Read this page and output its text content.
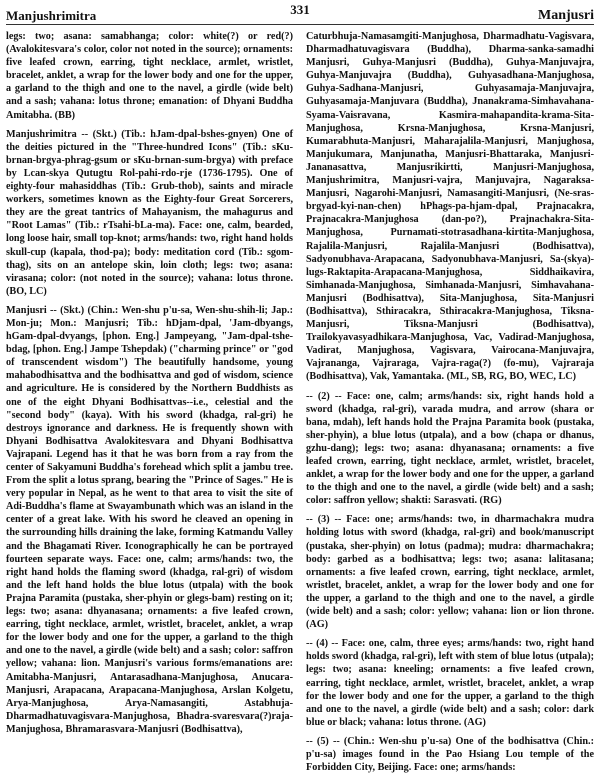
Manjushrimitra	331	Manjusri

legs: two; asana: samabhanga; color: white(?) or red(?) (Avalokitesvara's color, color not noted in the source); ornaments: five leafed crown, earring, tight necklace, armlet, wristlet, bracelet, anklet, a wrap for the lower body and one for the upper, a garland to the thigh and one to the navel, a girdle (wide belt) and a sash; vahana: lotus throne; emanation: of Dhyani Buddha Amitabha. (BB)

Manjushrimitra -- (Skt.) (Tib.: hJam-dpal-bshes-gnyen) One of the deities pictured in the "Three-hundred Icons" (Tib.: sKu-brnan-brgya-phrag-gsum or sKu-brnan-sum-brgya) with preface by Lcan-skya Qutugtu Rol-pahi-rdo-rje (1736-1795). One of eighty-four mahasiddhas (Tib.: Grub-thob), saints and miracle workers, sometimes known as the Eighty-four Great Sorcerers, they are the great tantrics of Mahayanism, the mahagurus and "Root Lamas" (Tib.: rTsahi-bLa-ma). Face: one, calm, bearded, long loose hair, small top-knot; arms/hands: two, right hand holds skull-cup (kapala, thod-pa); body: meditation cord (Tib.: sgom-thag), sits on an antelope skin, loin cloth; legs: two; asana: virasana; color: (not noted in the source); vahana: lotus throne. (BO, LC)

Manjusri -- (Skt.) (Chin.: Wen-shu p'u-sa, Wen-shu-shih-li; Jap.: Mon-ju; Mon.: Manjusri; Tib.: hDjam-dpal, 'Jam-dbyangs, hGam-dpal-dvyangs, [phon. Eng.] Jampeyang, "Jam-dpal-tshe-bdag, [phon. Eng.] Jampe Tshepdak) ("charming prince" or "god of transcendent wisdom") The beautifully handsome, young mahabodhisattva and the bodhisattva and god of wisdom, science and agriculture. He is considered by the Northern Buddhists as one of the eight Dhyani Bodhisattvas--i.e., celestial and the "second body" (kaya). With his sword (khadga, ral-gri) he destroys ignorance and darkness. He is frequently shown with Dhyani Bodhisattva Avalokitesvara and Dhyani Bodhisattva Vajrapani. Legend has it that he was born from a ray from the center of Sakyamuni Buddha's forehead which split a jambu tree. From the split a lotus sprang, bearing the "Prince of Sages." He is very popular in Nepal, as he went to that area to visit the site of Adi-Buddha's flame at Swayambunath which was an island in the center of a great lake. With his sword he cleaved an opening in the surrounding hills draining the lake, forming Katmandu Valley and the Bhagamati River. Iconographically he can be portrayed fourteen separate ways. Face: one, calm; arms/hands: two, the right hand holds the flaming sword (khadga, ral-gri) of wisdom and the left hand holds the blue lotus (utpala) with the book Prajna Paramita (pustaka, sher-phyin or glegs-bam) resting on it; legs: two; asana: dhyanasana; ornaments: a five leafed crown, earring, tight necklace, armlet, wristlet, bracelet, anklet, a wrap for the lower body and one for the upper, a garland to the thigh and one to the navel, a girdle (wide belt) and a sash; color: saffron yellow; vahana: lion. Manjusri's various forms/emanations are: Amitabha-Manjusri, Antarasadhana-Manjughosa, Anucara-Manjusri, Arapacana, Arapacana-Manjughosa, Arslan Kolgetu, Arya-Manjughosa, Arya-Namasangiti, Astabhuja-Dharmadhatuvagisvara-Manjughosa, Bhadra-svaresvara(?)raja-Manjughosa, Bhramarasvara-Manjusri (Bodhisattva),

Caturbhuja-Namasamgiti-Manjughosa, Dharmadhatu-Vagisvara, Dharmadhatuvagisvara (Buddha), Dharma-sanka-samadhi Manjusri, Guhya-Manjusri (Buddha), Guhya-Manjuvajra, Guhya-Manjuvajra (Buddha), Guhyasadhana-Manjughosa, Guhya-Sadhana-Manjusri, Guhyasamaja-Manjuvajra, Guhyasamaja-Manjuvara (Buddha), Jnanakrama-Simhavahana-Syama-Vaisravana, Kasmira-mahapandita-krama-Sita-Manjughosa, Krsna-Manjughosa, Krsna-Manjusri, Kumarabhuta-Manjusri, Maharajalila-Manjusri, Manjughosa, Manjukumara, Manjunatha, Manjusri-Bhattaraka, Manjusri-Jananasattva, Manjusrikirtti, Manjusri-Manjughosa, Manjushrimitra, Manjusri-vajra, Manjuvajra, Nagaraksa-Manjusri, Nagarohi-Manjusri, Namasangiti-Manjusri, (Ne-sras-brgyad-kyi-nan-chen) hPhags-pa-hjam-dpal, Prajnacakra, Prajnacakra-Manjughosa (dan-po?), Prajnachakra-Sita-Manjughosa, Purnamati-stotrasadhana-kirtita-Manjughosa, Rajalila-Manjusri, Rajalila-Manjusri (Bodhisattva), Sadyonubhava-Arapacana, Sadyonubhava-Manjusri, Sa-(skya)-lugs-Raktapita-Arapacana-Manjughosa, Siddhaikavira, Simhanada-Manjughosa, Simhanada-Manjusri, Simhavahana-Manjusri (Bodhisattva), Sita-Manjughosa, Sita-Manjusri (Bodhisattva), Sthiracakra, Sthiracakra-Manjughosa, Tiksna-Manjusri, Tiksna-Manjusri (Bodhisattva), Trailokyavasyadhikara-Manjughosa, Vac, Vadirad-Manjughosa, Vadirat, Manjughosa, Vagisvara, Vairocana-Manjuvajra, Vajrananga, Vajraraga, Vajra-raga(?) (fo-mu), Vajraraja (Bodhisattva), Vak, Yamantaka. (ML, SB, RG, BO, WEC, LC)

-- (2) -- Face: one, calm; arms/hands: six, right hands hold a sword (khadga, ral-gri), varada mudra, and arrow (shara or bana, mdah), left hands hold the Prajna Paramita book (pustaka, sher-phyin), a blue lotus (utpala), and a bow (chapa or dhanus, gzhu-dang); legs: two; asana: dhyanasana; ornaments: a five leafed crown, earring, tight necklace, armlet, wristlet, bracelet, anklet, a wrap for the lower body and one for the upper, a garland to the thigh and one to the navel, a girdle (wide belt) and a sash; color: saffron yellow; shakti: Sarasvati. (RG)

-- (3) -- Face: one; arms/hands: two, in dharmachakra mudra holding lotus with sword (khadga, ral-gri) and book/manuscript (pustaka, sher-phyin) on lotus (padma); mudra: dharmachakra; body: garbed as a bodhisattva; legs: two; asana: lalitasana; ornaments: a five leafed crown, earring, tight necklace, armlet, wristlet, bracelet, anklet, a wrap for the lower body and one for the upper, a garland to the thigh and one to the navel, a girdle (wide belt) and a sash; color: yellow; vahana: lion or lion throne. (AG)

-- (4) -- Face: one, calm, three eyes; arms/hands: two, right hand holds sword (khadga, ral-gri), left with stem of blue lotus (utpala); legs: two; asana: kneeling; ornaments: a five leafed crown, earring, tight necklace, armlet, wristlet, bracelet, anklet, a wrap for the lower body and one for the upper, a garland to the thigh and one to the navel, a girdle (wide belt) and a sash; color: dark blue or black; vahana: lotus throne. (AG)

-- (5) -- (Chin.: Wen-shu p'u-sa) One of the bodhisattva (Chin.: p'u-sa) images found in the Pao Hsiang Lou temple of the Forbidden City, Beijing. Face: one; arms/hands:
